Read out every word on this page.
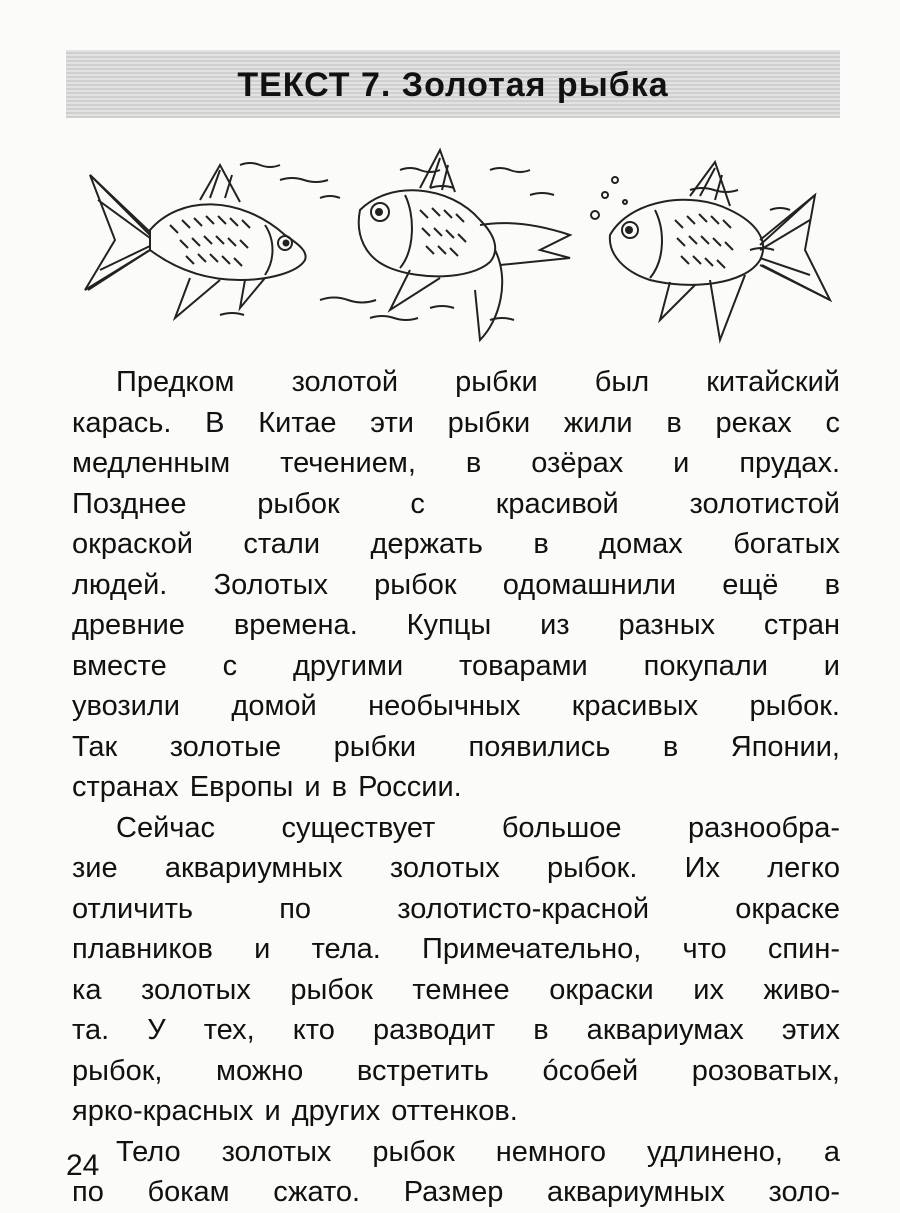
ТЕКСТ 7. Золотая рыбка
Предком золотой рыбки был китайский
карась. В Китае эти рыбки жили в реках с
медленным течением, в озёрах и прудах.
Позднее рыбок с красивой золотистой
окраской стали держать в домах богатых
людей. Золотых рыбок одомашнили ещё в
древние времена. Купцы из разных стран
вместе с другими товарами покупали и
увозили домой необычных красивых рыбок.
Так золотые рыбки появились в Японии,
странах Европы и в России.
Сейчас существует большое разнообра-
зие аквариумных золотых рыбок. Их легко
отличить по золотисто-красной окраске
плавников и тела. Примечательно, что спин-
ка золотых рыбок темнее окраски их живо-
та. У тех, кто разводит в аквариумах этих
рыбок, можно встретить óсобей розоватых,
ярко-красных и других оттенков.
Тело золотых рыбок немного удлинено, а
по бокам сжато. Размер аквариумных золо-
24
